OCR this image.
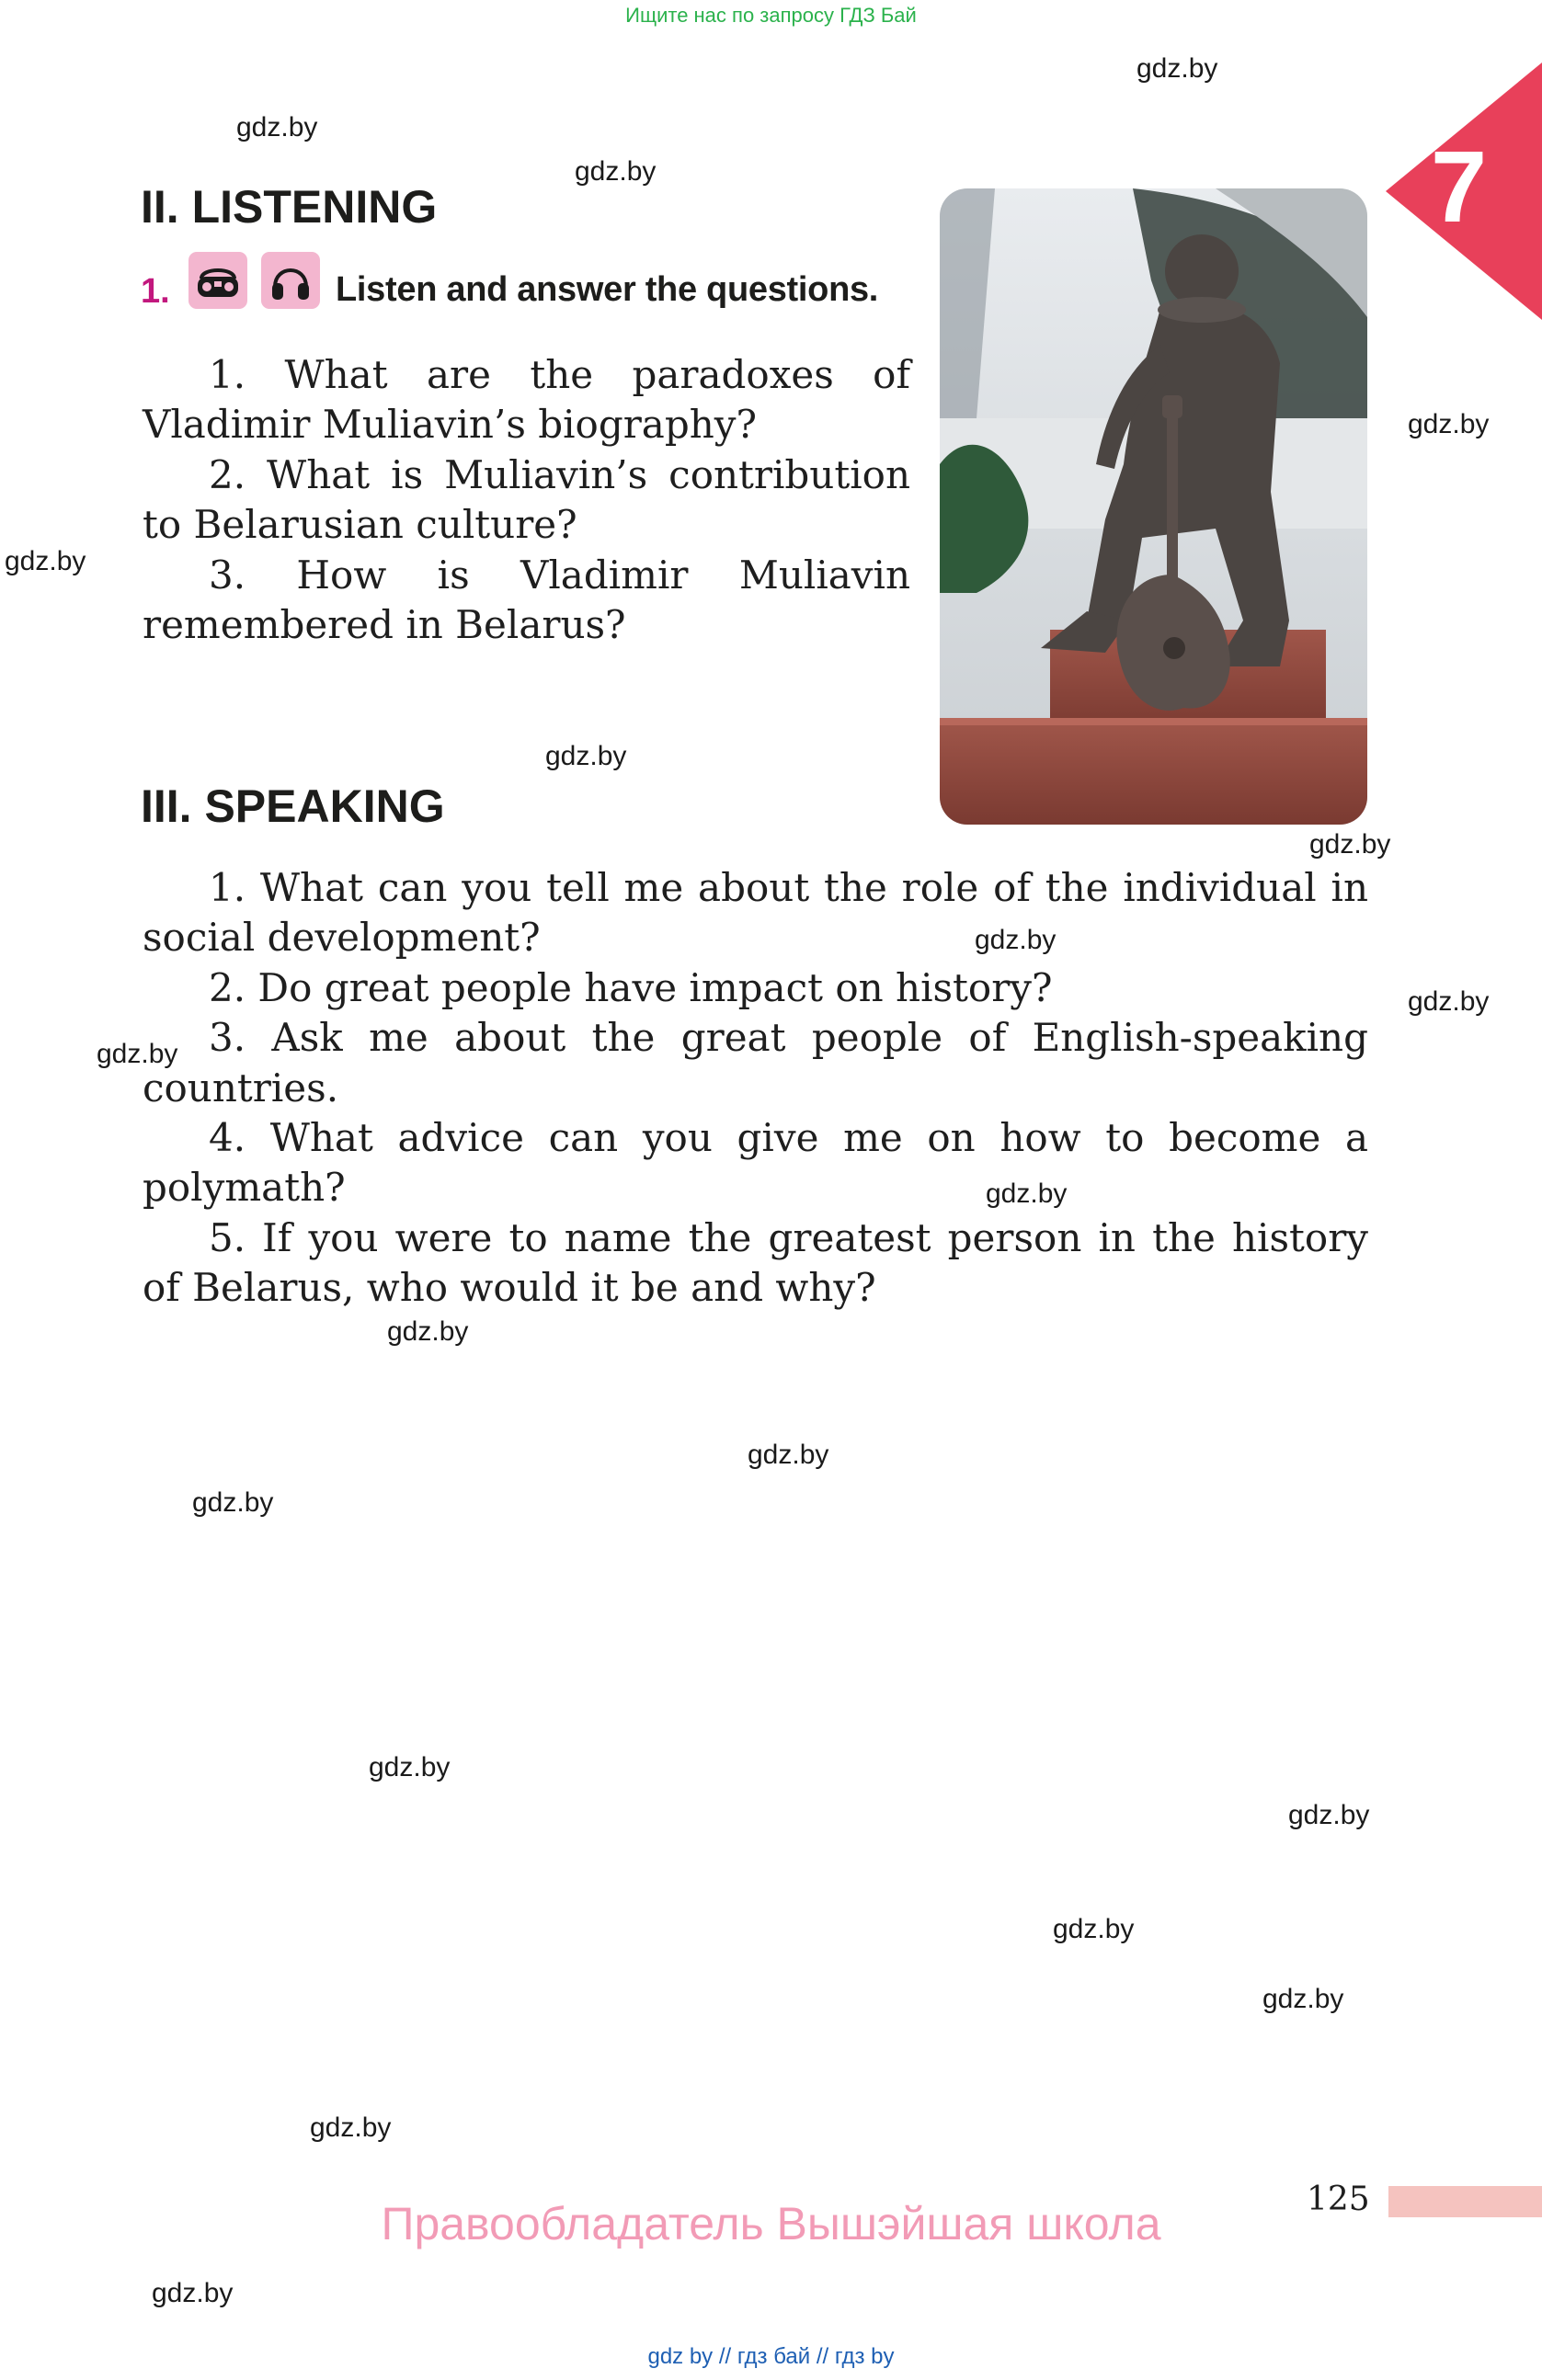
Ищите нас по запросу ГДЗ Бай
7
gdz.by
gdz.by
gdz.by
gdz.by
gdz.by
gdz.by
gdz.by
gdz.by
gdz.by
gdz.by
gdz.by
gdz.by
gdz.by
gdz.by
gdz.by
gdz.by
gdz.by
gdz.by
gdz.by
gdz.by
II. LISTENING
1.	Listen and answer the questions.

1. What are the paradoxes of Vladimir Muliavin’s biography?

2. What is Muliavin’s contribution to Belarusian culture?

3. How is Vladimir Muliavin remembered in Belarus?

III. SPEAKING

1. What can you tell me about the role of the individual in social development?

2. Do great people have impact on history?

3. Ask me about the great people of English-speaking countries.

4. What advice can you give me on how to become a polymath?

5. If you were to name the greatest person in the history of Belarus, who would it be and why?

125
Правообладатель Вышэйшая школа
gdz by // гдз бай // гдз by
